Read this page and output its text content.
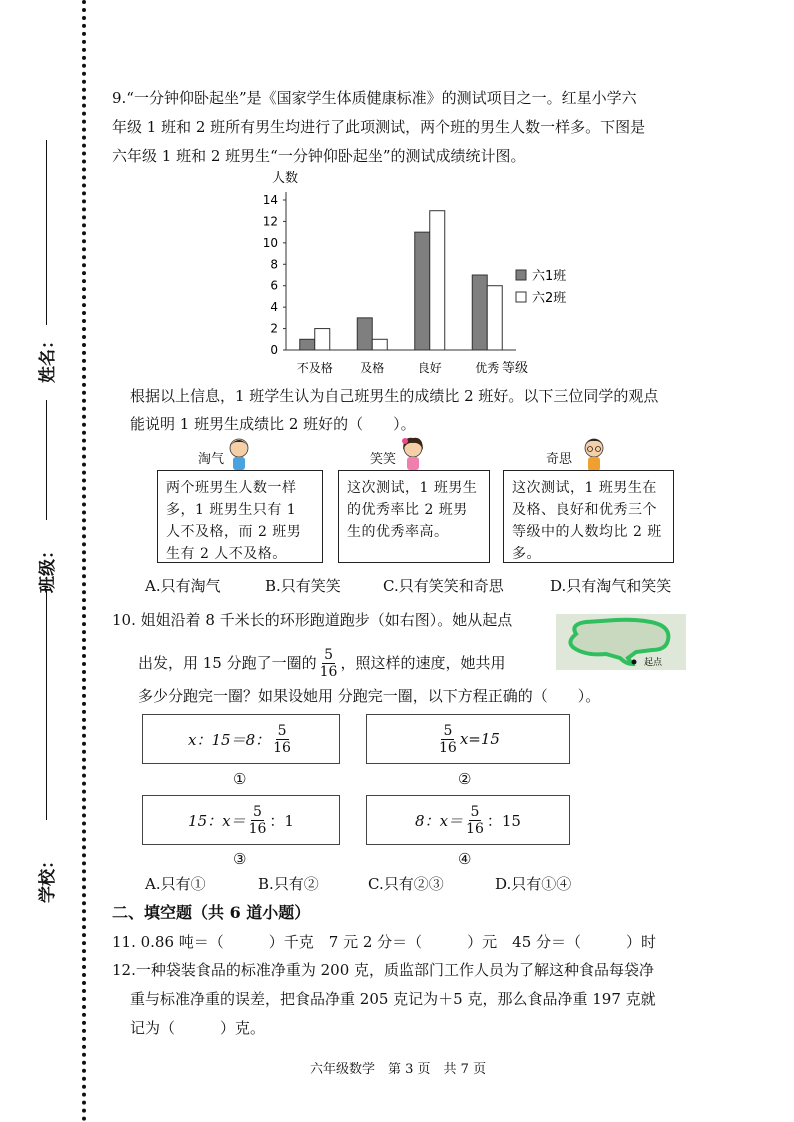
姓名：
班级：
学校：
9.“一分钟仰卧起坐”是《国家学生体质健康标准》的测试项目之一。红星小学六
年级 1 班和 2 班所有男生均进行了此项测试，两个班的男生人数一样多。下图是
六年级 1 班和 2 班男生“一分钟仰卧起坐”的测试成绩统计图。
人数
0
2
4
6
8
10
12
14
不及格 及格	良好	优秀 等级
六1班
六2班
根据以上信息，1 班学生认为自己班男生的成绩比 2 班好。以下三位同学的观点
能说明 1 班男生成绩比 2 班好的（　　）。
淘气	笑笑	奇思
两个班男生人数一样多，1 班男生只有 1 人不及格，而 2 班男生有 2 人不及格。
这次测试，1 班男生的优秀率比 2 班男生的优秀率高。
这次测试，1 班男生在及格、良好和优秀三个等级中的人数均比 2 班多。
A.只有淘气	B.只有笑笑	C.只有笑笑和奇思	D.只有淘气和笑笑
10. 姐姐沿着 8 千米长的环形跑道跑步（如右图）。她从起点
出发，用 15 分跑了一圈的 $\frac{5}{16}$ ，照这样的速度，她共用
多少分跑完一圈？如果设她用 分跑完一圈，以下方程正确的（　　）。
起点
x：15＝8： $\frac{5}{16}$
①
$\frac{5}{16} x=15$
②
15：$x= \frac{5}{16}$ ：1
③
8：$x= \frac{5}{16}$ ：15
④
A.只有①	B.只有②	C.只有②③	D.只有①④
二、填空题（共 6 道小题）
11. 0.86 吨＝（　　　）千克　7 元 2 分＝（　　　）元　45 分＝（　　　）时
12.一种袋装食品的标准净重为 200 克，质监部门工作人员为了解这种食品每袋净
重与标准净重的误差，把食品净重 205 克记为＋5 克，那么食品净重 197 克就
记为（　　　）克。
六年级数学　第 3 页　共 7 页
